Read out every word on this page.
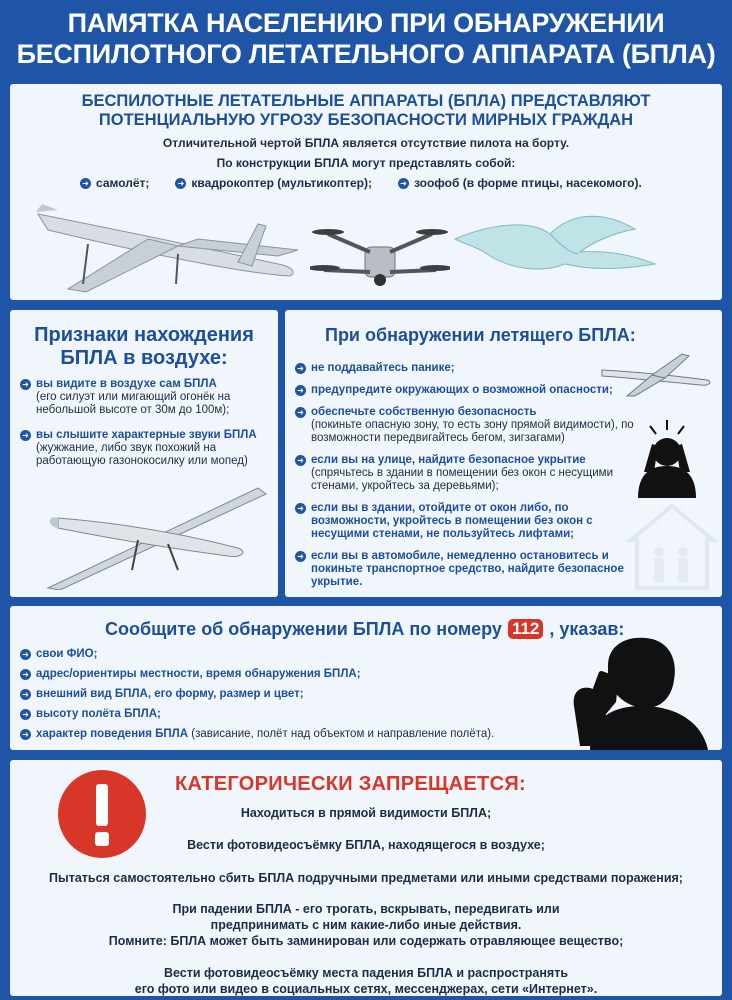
ПАМЯТКА НАСЕЛЕНИЮ ПРИ ОБНАРУЖЕНИИ
БЕСПИЛОТНОГО ЛЕТАТЕЛЬНОГО АППАРАТА (БПЛА)
БЕСПИЛОТНЫЕ ЛЕТАТЕЛЬНЫЕ АППАРАТЫ (БПЛА) ПРЕДСТАВЛЯЮТ
ПОТЕНЦИАЛЬНУЮ УГРОЗУ БЕЗОПАСНОСТИ МИРНЫХ ГРАЖДАН
Отличительной чертой БПЛА является отсутствие пилота на борту.
По конструкции БПЛА могут представлять собой:
➜ самолёт;	➜ квадрокоптер (мультикоптер);	➜ зоофоб (в форме птицы, насекомого).
Признаки нахождения
БПЛА в воздухе:
➜ вы видите в воздухе сам БПЛА
(его силуэт или мигающий огонёк на небольшой высоте от 30м до 100м);
➜ вы слышите характерные звуки БПЛА
(жужжание, либо звук похожий на работающую газонокосилку или мопед)
При обнаружении летящего БПЛА:
➜ не поддавайтесь панике;
➜ предупредите окружающих о возможной опасности;
➜ обеспечьте собственную безопасность
(покиньте опасную зону, то есть зону прямой видимости), по возможности передвигайтесь бегом, зигзагами)
➜ если вы на улице, найдите безопасное укрытие
(спрячьтесь в здании в помещении без окон с несущими стенами, укройтесь за деревьями);
➜ если вы в здании, отойдите от окон либо, по возможности, укройтесь в помещении без окон с несущими стенами, не пользуйтесь лифтами;
➜ если вы в автомобиле, немедленно остановитесь и покиньте транспортное средство, найдите безопасное укрытие.
Сообщите об обнаружении БПЛА по номеру 112 , указав:
➜ свои ФИО;
➜ адрес/ориентиры местности, время обнаружения БПЛА;
➜ внешний вид БПЛА, его форму, размер и цвет;
➜ высоту полёта БПЛА;
➜ характер поведения БПЛА (зависание, полёт над объектом и направление полёта).
КАТЕГОРИЧЕСКИ ЗАПРЕЩАЕТСЯ:
Находиться в прямой видимости БПЛА;
Вести фотовидеосъёмку БПЛА, находящегося в воздухе;
Пытаться самостоятельно сбить БПЛА подручными предметами или иными средствами поражения;
При падении БПЛА - его трогать, вскрывать, передвигать или
предпринимать с ним какие-либо иные действия.
Помните: БПЛА может быть заминирован или содержать отравляющее вещество;
Вести фотовидеосъёмку места падения БПЛА и распространять
его фото или видео в социальных сетях, мессенджерах, сети «Интернет».
